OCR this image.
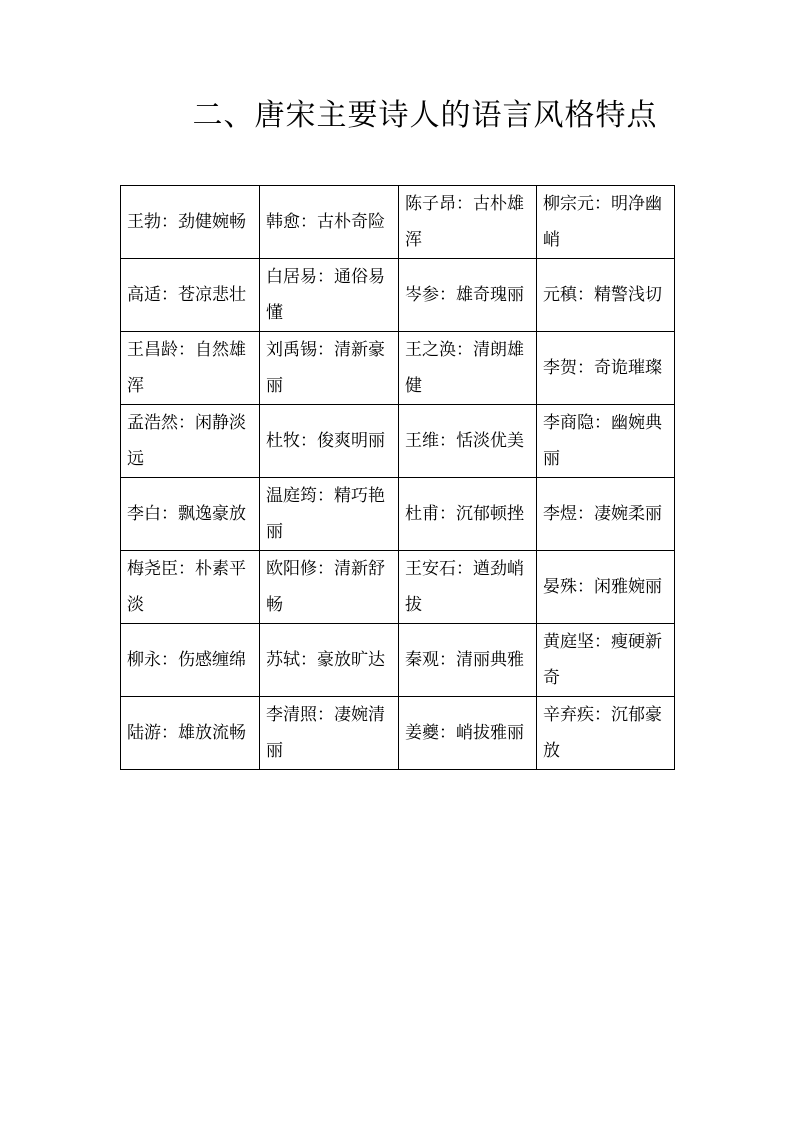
二、唐宋主要诗人的语言风格特点
王勃：劲健婉畅	韩愈：古朴奇险	陈子昂：古朴雄浑	柳宗元：明净幽峭
高适：苍凉悲壮	白居易：通俗易懂	岑参：雄奇瑰丽	元稹：精警浅切
王昌龄：自然雄浑	刘禹锡：清新豪丽	王之涣：清朗雄健	李贺：奇诡璀璨
孟浩然：闲静淡远	杜牧：俊爽明丽	王维：恬淡优美	李商隐：幽婉典丽
李白：飘逸豪放	温庭筠：精巧艳丽	杜甫：沉郁顿挫	李煜：凄婉柔丽
梅尧臣：朴素平淡	欧阳修：清新舒畅	王安石：遒劲峭拔	晏殊：闲雅婉丽
柳永：伤感缠绵	苏轼：豪放旷达	秦观：清丽典雅	黄庭坚：瘦硬新奇
陆游：雄放流畅	李清照：凄婉清丽	姜夔：峭拔雅丽	辛弃疾：沉郁豪放
